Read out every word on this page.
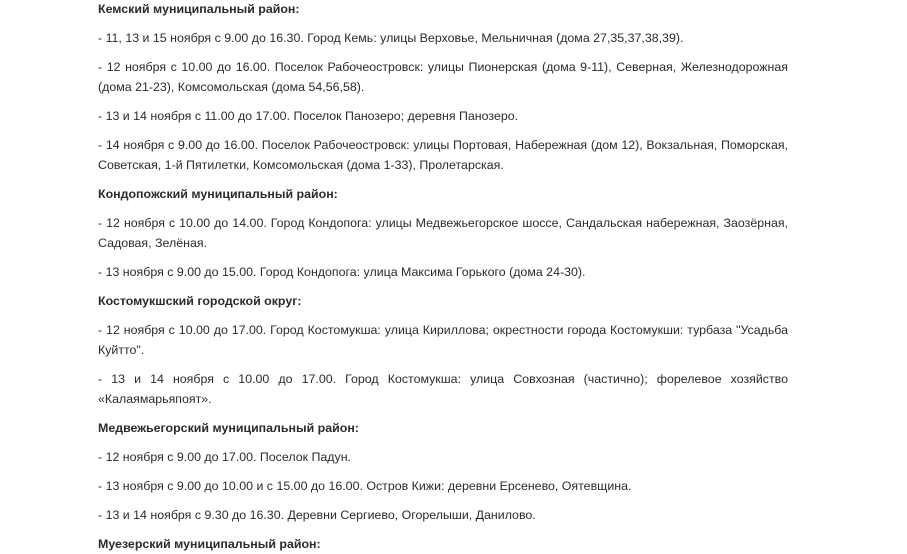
Кемский муниципальный район:

- 11, 13 и 15 ноября с 9.00 до 16.30. Город Кемь: улицы Верховье, Мельничная (дома 27,35,37,38,39).

- 12 ноября с 10.00 до 16.00. Поселок Рабочеостровск: улицы Пионерская (дома 9-11), Северная, Железнодорожная (дома 21-23), Комсомольская (дома 54,56,58).

- 13 и 14 ноября с 11.00 до 17.00. Поселок Панозеро; деревня Панозеро.

- 14 ноября с 9.00 до 16.00. Поселок Рабочеостровск: улицы Портовая, Набережная (дом 12), Вокзальная, Поморская, Советская, 1-й Пятилетки, Комсомольская (дома 1-33), Пролетарская.

Кондопожский муниципальный район:

- 12 ноября с 10.00 до 14.00. Город Кондопога: улицы Медвежьегорское шоссе, Сандальская набережная, Заозёрная, Садовая, Зелёная.

- 13 ноября с 9.00 до 15.00. Город Кондопога: улица Максима Горького (дома 24-30).

Костомукшский городской округ:

- 12 ноября с 10.00 до 17.00. Город Костомукша: улица Кириллова; окрестности города Костомукши: турбаза "Усадьба Куйтто".

- 13 и 14 ноября с 10.00 до 17.00. Город Костомукша: улица Совхозная (частично); форелевое хозяйство «Калаямарьяпоят».

Медвежьегорский муниципальный район:

- 12 ноября с 9.00 до 17.00. Поселок Падун.

- 13 ноября с 9.00 до 10.00 и с 15.00 до 16.00. Остров Кижи: деревни Ерсенево, Оятевщина.

- 13 и 14 ноября с 9.30 до 16.30. Деревни Сергиево, Огорелыши, Данилово.

Муезерский муниципальный район:
